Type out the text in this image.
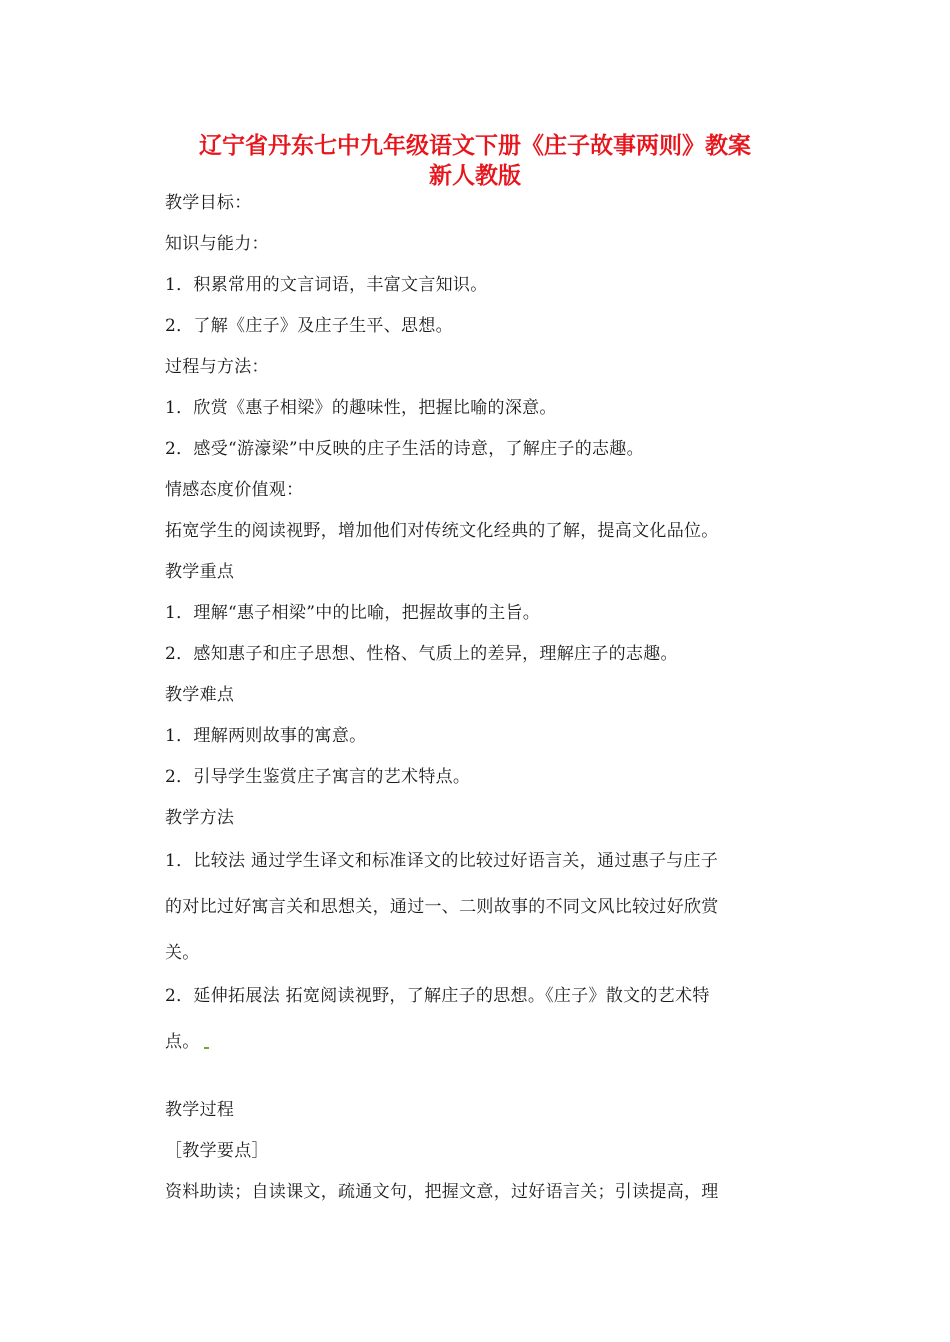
辽宁省丹东七中九年级语文下册《庄子故事两则》教案
新人教版
教学目标：
知识与能力：
1．积累常用的文言词语，丰富文言知识。
2．了解《庄子》及庄子生平、思想。
过程与方法：
1．欣赏《惠子相梁》的趣味性，把握比喻的深意。
2．感受“游濠梁”中反映的庄子生活的诗意，了解庄子的志趣。
情感态度价值观：
拓宽学生的阅读视野，增加他们对传统文化经典的了解，提高文化品位。
教学重点
1．理解“惠子相梁”中的比喻，把握故事的主旨。
2．感知惠子和庄子思想、性格、气质上的差异，理解庄子的志趣。
教学难点
1．理解两则故事的寓意。
2．引导学生鉴赏庄子寓言的艺术特点。
教学方法
1．比较法 通过学生译文和标准译文的比较过好语言关，通过惠子与庄子
的对比过好寓言关和思想关，通过一、二则故事的不同文风比较过好欣赏
关。
2．延伸拓展法 拓宽阅读视野，了解庄子的思想。《庄子》散文的艺术特
点。
教学过程
［教学要点］
资料助读；自读课文，疏通文句，把握文意，过好语言关；引读提高，理
